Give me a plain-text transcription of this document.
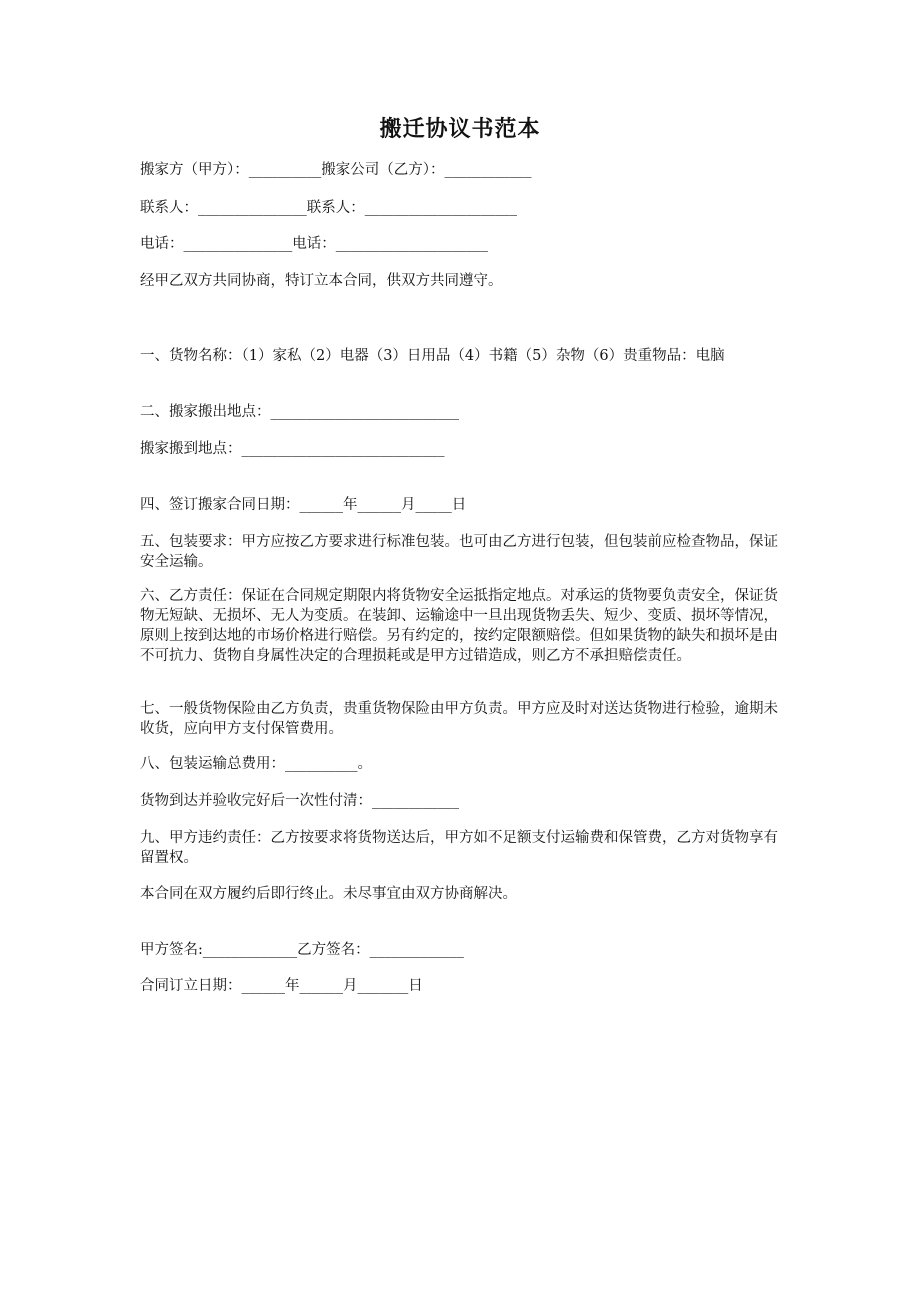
搬迁协议书范本
搬家方（甲方）：__________搬家公司（乙方）：____________
联系人：_______________联系人：_____________________
电话：_______________电话：_____________________
经甲乙双方共同协商，特订立本合同，供双方共同遵守。
一、货物名称：（1）家私（2）电器（3）日用品（4）书籍（5）杂物（6）贵重物品：电脑
二、搬家搬出地点：__________________________
搬家搬到地点：____________________________
四、签订搬家合同日期：______年______月_____日
五、包装要求：甲方应按乙方要求进行标准包装。也可由乙方进行包装，但包装前应检查物品，保证安全运输。
六、乙方责任：保证在合同规定期限内将货物安全运抵指定地点。对承运的货物要负责安全，保证货物无短缺、无损坏、无人为变质。在装卸、运输途中一旦出现货物丢失、短少、变质、损坏等情况，原则上按到达地的市场价格进行赔偿。另有约定的，按约定限额赔偿。但如果货物的缺失和损坏是由不可抗力、货物自身属性决定的合理损耗或是甲方过错造成，则乙方不承担赔偿责任。
七、一般货物保险由乙方负责，贵重货物保险由甲方负责。甲方应及时对送达货物进行检验，逾期未收货，应向甲方支付保管费用。
八、包装运输总费用：__________。
货物到达并验收完好后一次性付清：____________
九、甲方违约责任：乙方按要求将货物送达后，甲方如不足额支付运输费和保管费，乙方对货物享有留置权。
本合同在双方履约后即行终止。未尽事宜由双方协商解决。
甲方签名:_____________乙方签名：_____________
合同订立日期：______年______月_______日
